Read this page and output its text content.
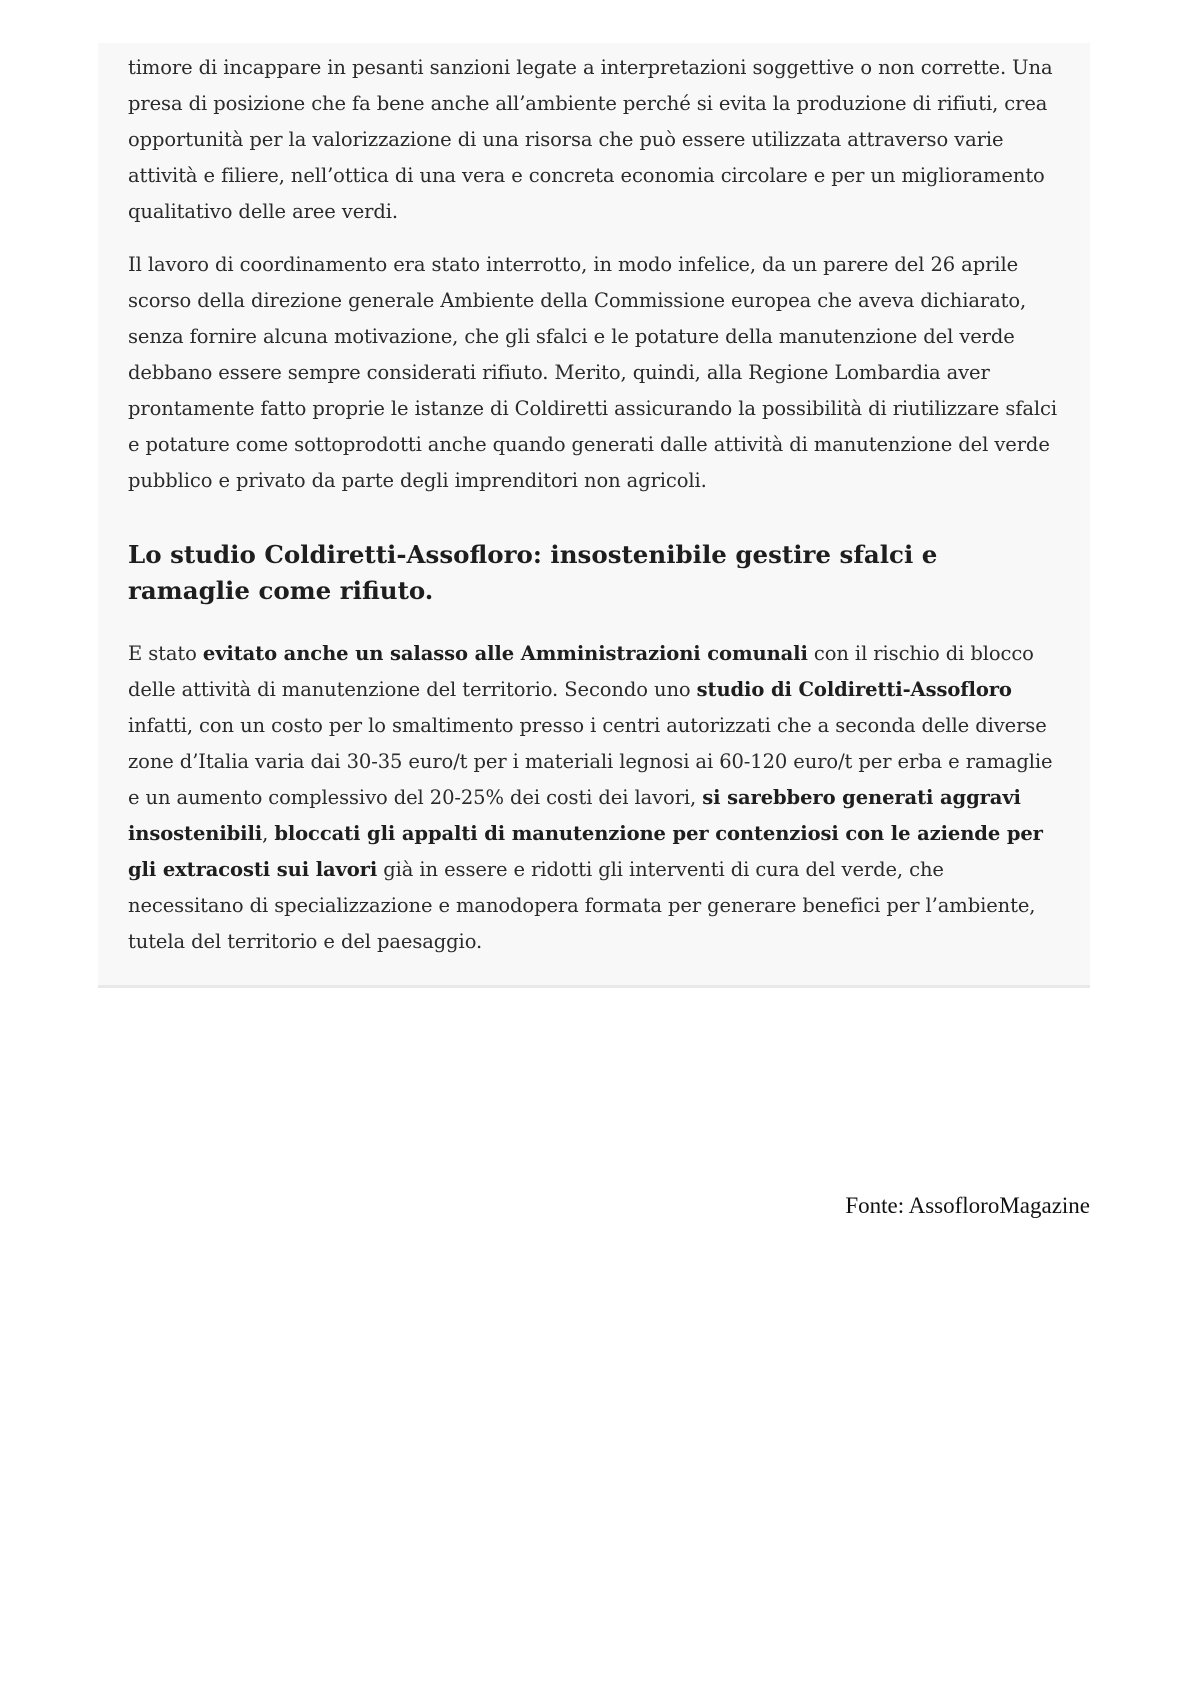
timore di incappare in pesanti sanzioni legate a interpretazioni soggettive o non corrette. Una presa di posizione che fa bene anche all’ambiente perché si evita la produzione di rifiuti, crea opportunità per la valorizzazione di una risorsa che può essere utilizzata attraverso varie attività e filiere, nell’ottica di una vera e concreta economia circolare e per un miglioramento qualitativo delle aree verdi.

Il lavoro di coordinamento era stato interrotto, in modo infelice, da un parere del 26 aprile scorso della direzione generale Ambiente della Commissione europea che aveva dichiarato, senza fornire alcuna motivazione, che gli sfalci e le potature della manutenzione del verde debbano essere sempre considerati rifiuto. Merito, quindi, alla Regione Lombardia aver prontamente fatto proprie le istanze di Coldiretti assicurando la possibilità di riutilizzare sfalci e potature come sottoprodotti anche quando generati dalle attività di manutenzione del verde pubblico e privato da parte degli imprenditori non agricoli.

Lo studio Coldiretti-Assofloro: insostenibile gestire sfalci e ramaglie come rifiuto.

E stato evitato anche un salasso alle Amministrazioni comunali con il rischio di blocco delle attività di manutenzione del territorio. Secondo uno studio di Coldiretti-Assofloro infatti, con un costo per lo smaltimento presso i centri autorizzati che a seconda delle diverse zone d’Italia varia dai 30-35 euro/t per i materiali legnosi ai 60-120 euro/t per erba e ramaglie e un aumento complessivo del 20-25% dei costi dei lavori, si sarebbero generati aggravi insostenibili, bloccati gli appalti di manutenzione per contenziosi con le aziende per gli extracosti sui lavori già in essere e ridotti gli interventi di cura del verde, che necessitano di specializzazione e manodopera formata per generare benefici per l’ambiente, tutela del territorio e del paesaggio.

Fonte: AssofloroMagazine
